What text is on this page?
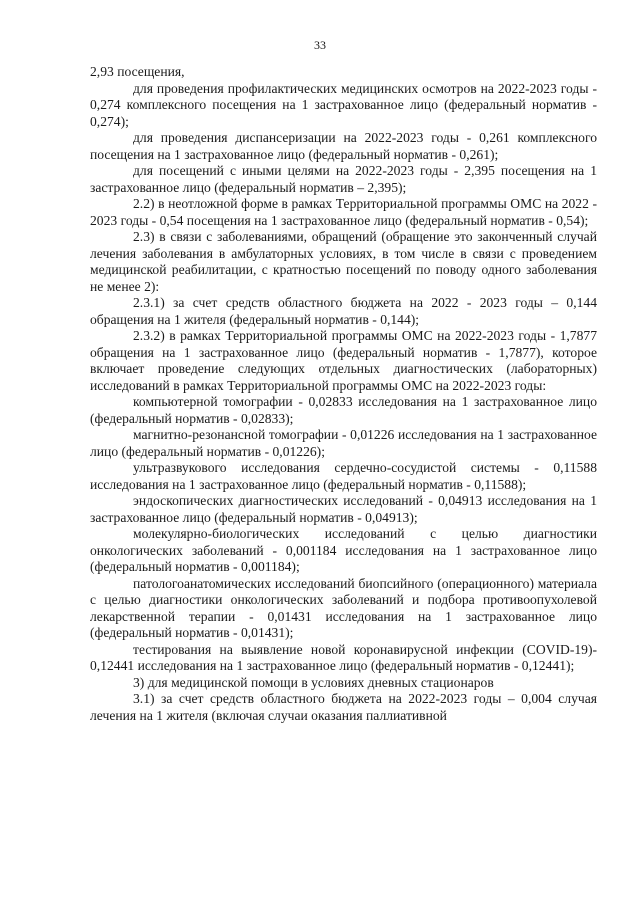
33

2,93 посещения,

для проведения профилактических медицинских осмотров на 2022-2023 годы - 0,274 комплексного посещения на 1 застрахованное лицо (федеральный норматив - 0,274);

для проведения диспансеризации на 2022-2023 годы - 0,261 комплексного посещения на 1 застрахованное лицо (федеральный норматив - 0,261);

для посещений с иными целями на 2022-2023 годы - 2,395 посещения на 1 застрахованное лицо (федеральный норматив – 2,395);

2.2) в неотложной форме в рамках Территориальной программы ОМС на 2022 - 2023 годы - 0,54 посещения на 1 застрахованное лицо (федеральный норматив - 0,54);

2.3) в связи с заболеваниями, обращений (обращение это законченный случай лечения заболевания в амбулаторных условиях, в том числе в связи с проведением медицинской реабилитации, с кратностью посещений по поводу одного заболевания не менее 2):

2.3.1) за счет средств областного бюджета на 2022 - 2023 годы – 0,144 обращения на 1 жителя (федеральный норматив - 0,144);

2.3.2) в рамках Территориальной программы ОМС на 2022-2023 годы - 1,7877 обращения на 1 застрахованное лицо (федеральный норматив - 1,7877), которое включает проведение следующих отдельных диагностических (лабораторных) исследований в рамках Территориальной программы ОМС на 2022-2023 годы:

компьютерной томографии - 0,02833 исследования на 1 застрахованное лицо (федеральный норматив - 0,02833);

магнитно-резонансной томографии - 0,01226 исследования на 1 застрахованное лицо (федеральный норматив - 0,01226);

ультразвукового исследования сердечно-сосудистой системы - 0,11588 исследования на 1 застрахованное лицо (федеральный норматив - 0,11588);

эндоскопических диагностических исследований - 0,04913 исследования на 1 застрахованное лицо (федеральный норматив - 0,04913);

молекулярно-биологических исследований с целью диагностики онкологических заболеваний - 0,001184 исследования на 1 застрахованное лицо (федеральный норматив - 0,001184);

патологоанатомических исследований биопсийного (операционного) материала с целью диагностики онкологических заболеваний и подбора противоопухолевой лекарственной терапии - 0,01431 исследования на 1 застрахованное лицо (федеральный норматив - 0,01431);

тестирования на выявление новой коронавирусной инфекции (COVID-19)- 0,12441 исследования на 1 застрахованное лицо (федеральный норматив - 0,12441);

3) для медицинской помощи в условиях дневных стационаров

3.1) за счет средств областного бюджета на 2022-2023 годы – 0,004 случая лечения на 1 жителя (включая случаи оказания паллиативной
